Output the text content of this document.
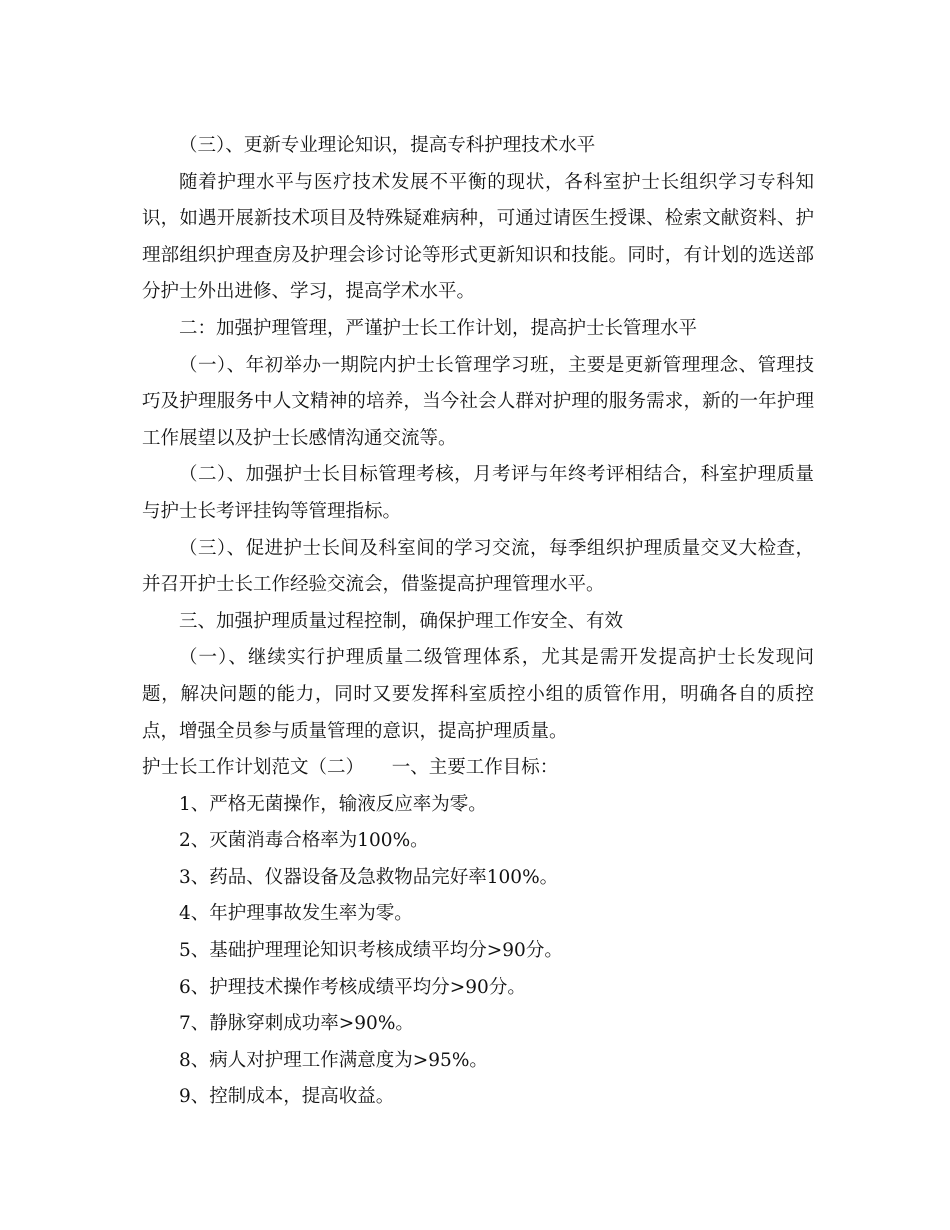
（三）、更新专业理论知识，提高专科护理技术水平

随着护理水平与医疗技术发展不平衡的现状，各科室护士长组织学习专科知识，如遇开展新技术项目及特殊疑难病种，可通过请医生授课、检索文献资料、护理部组织护理查房及护理会诊讨论等形式更新知识和技能。同时，有计划的选送部分护士外出进修、学习，提高学术水平。

二：加强护理管理，严谨护士长工作计划，提高护士长管理水平

（一）、年初举办一期院内护士长管理学习班，主要是更新管理理念、管理技巧及护理服务中人文精神的培养，当今社会人群对护理的服务需求，新的一年护理工作展望以及护士长感情沟通交流等。

（二）、加强护士长目标管理考核，月考评与年终考评相结合，科室护理质量与护士长考评挂钩等管理指标。

（三）、促进护士长间及科室间的学习交流，每季组织护理质量交叉大检查，并召开护士长工作经验交流会，借鉴提高护理管理水平。

三、加强护理质量过程控制，确保护理工作安全、有效

（一）、继续实行护理质量二级管理体系，尤其是需开发提高护士长发现问题，解决问题的能力，同时又要发挥科室质控小组的质管作用，明确各自的质控点，增强全员参与质量管理的意识，提高护理质量。

护士长工作计划范文（二）　　一、主要工作目标：

1、严格无菌操作，输液反应率为零。

2、灭菌消毒合格率为100%。

3、药品、仪器设备及急救物品完好率100%。

4、年护理事故发生率为零。

5、基础护理理论知识考核成绩平均分>90分。

6、护理技术操作考核成绩平均分>90分。

7、静脉穿刺成功率>90%。

8、病人对护理工作满意度为>95%。

9、控制成本，提高收益。
